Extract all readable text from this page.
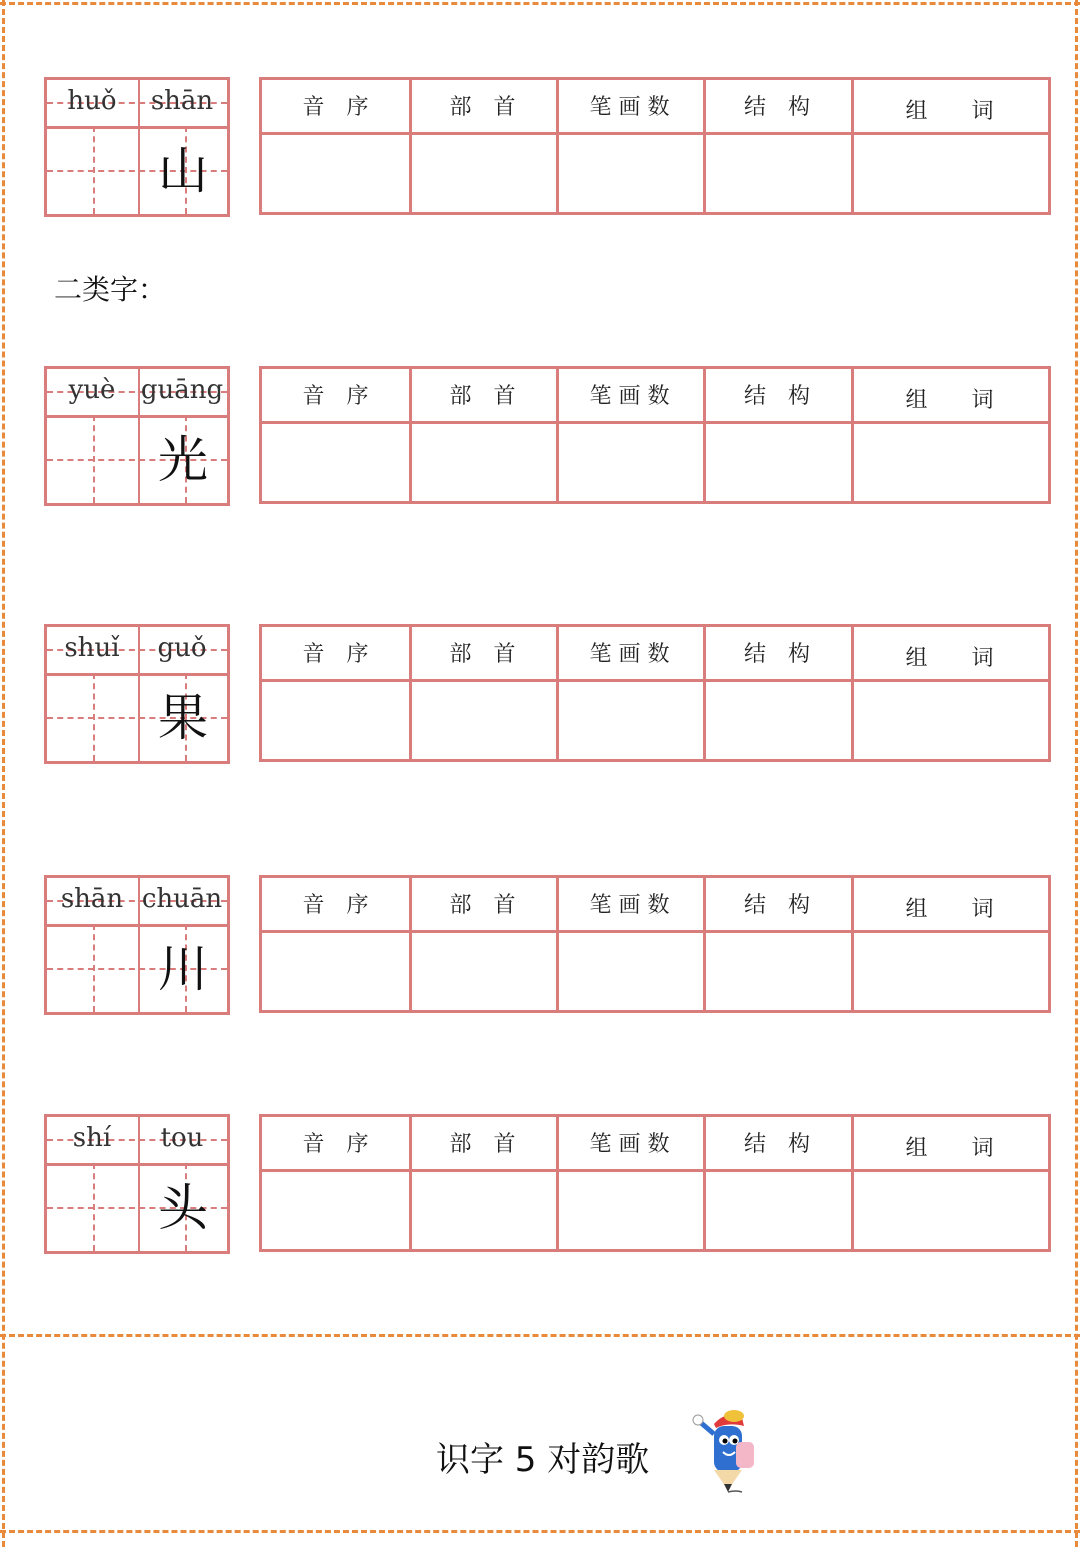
二类字：
huǒ	shān
山
音　序	部　首	笔 画 数	结　构	组　　词
yuè guāng
光
音　序	部　首	笔 画 数	结　构	组　　词
shuǐ	guǒ
果
音　序	部　首	笔 画 数	结　构	组　　词
shān chuān
川
音　序	部　首	笔 画 数	结　构	组　　词
shí	tou
头
音　序	部　首	笔 画 数	结　构	组　　词
识字 5 对韵歌
